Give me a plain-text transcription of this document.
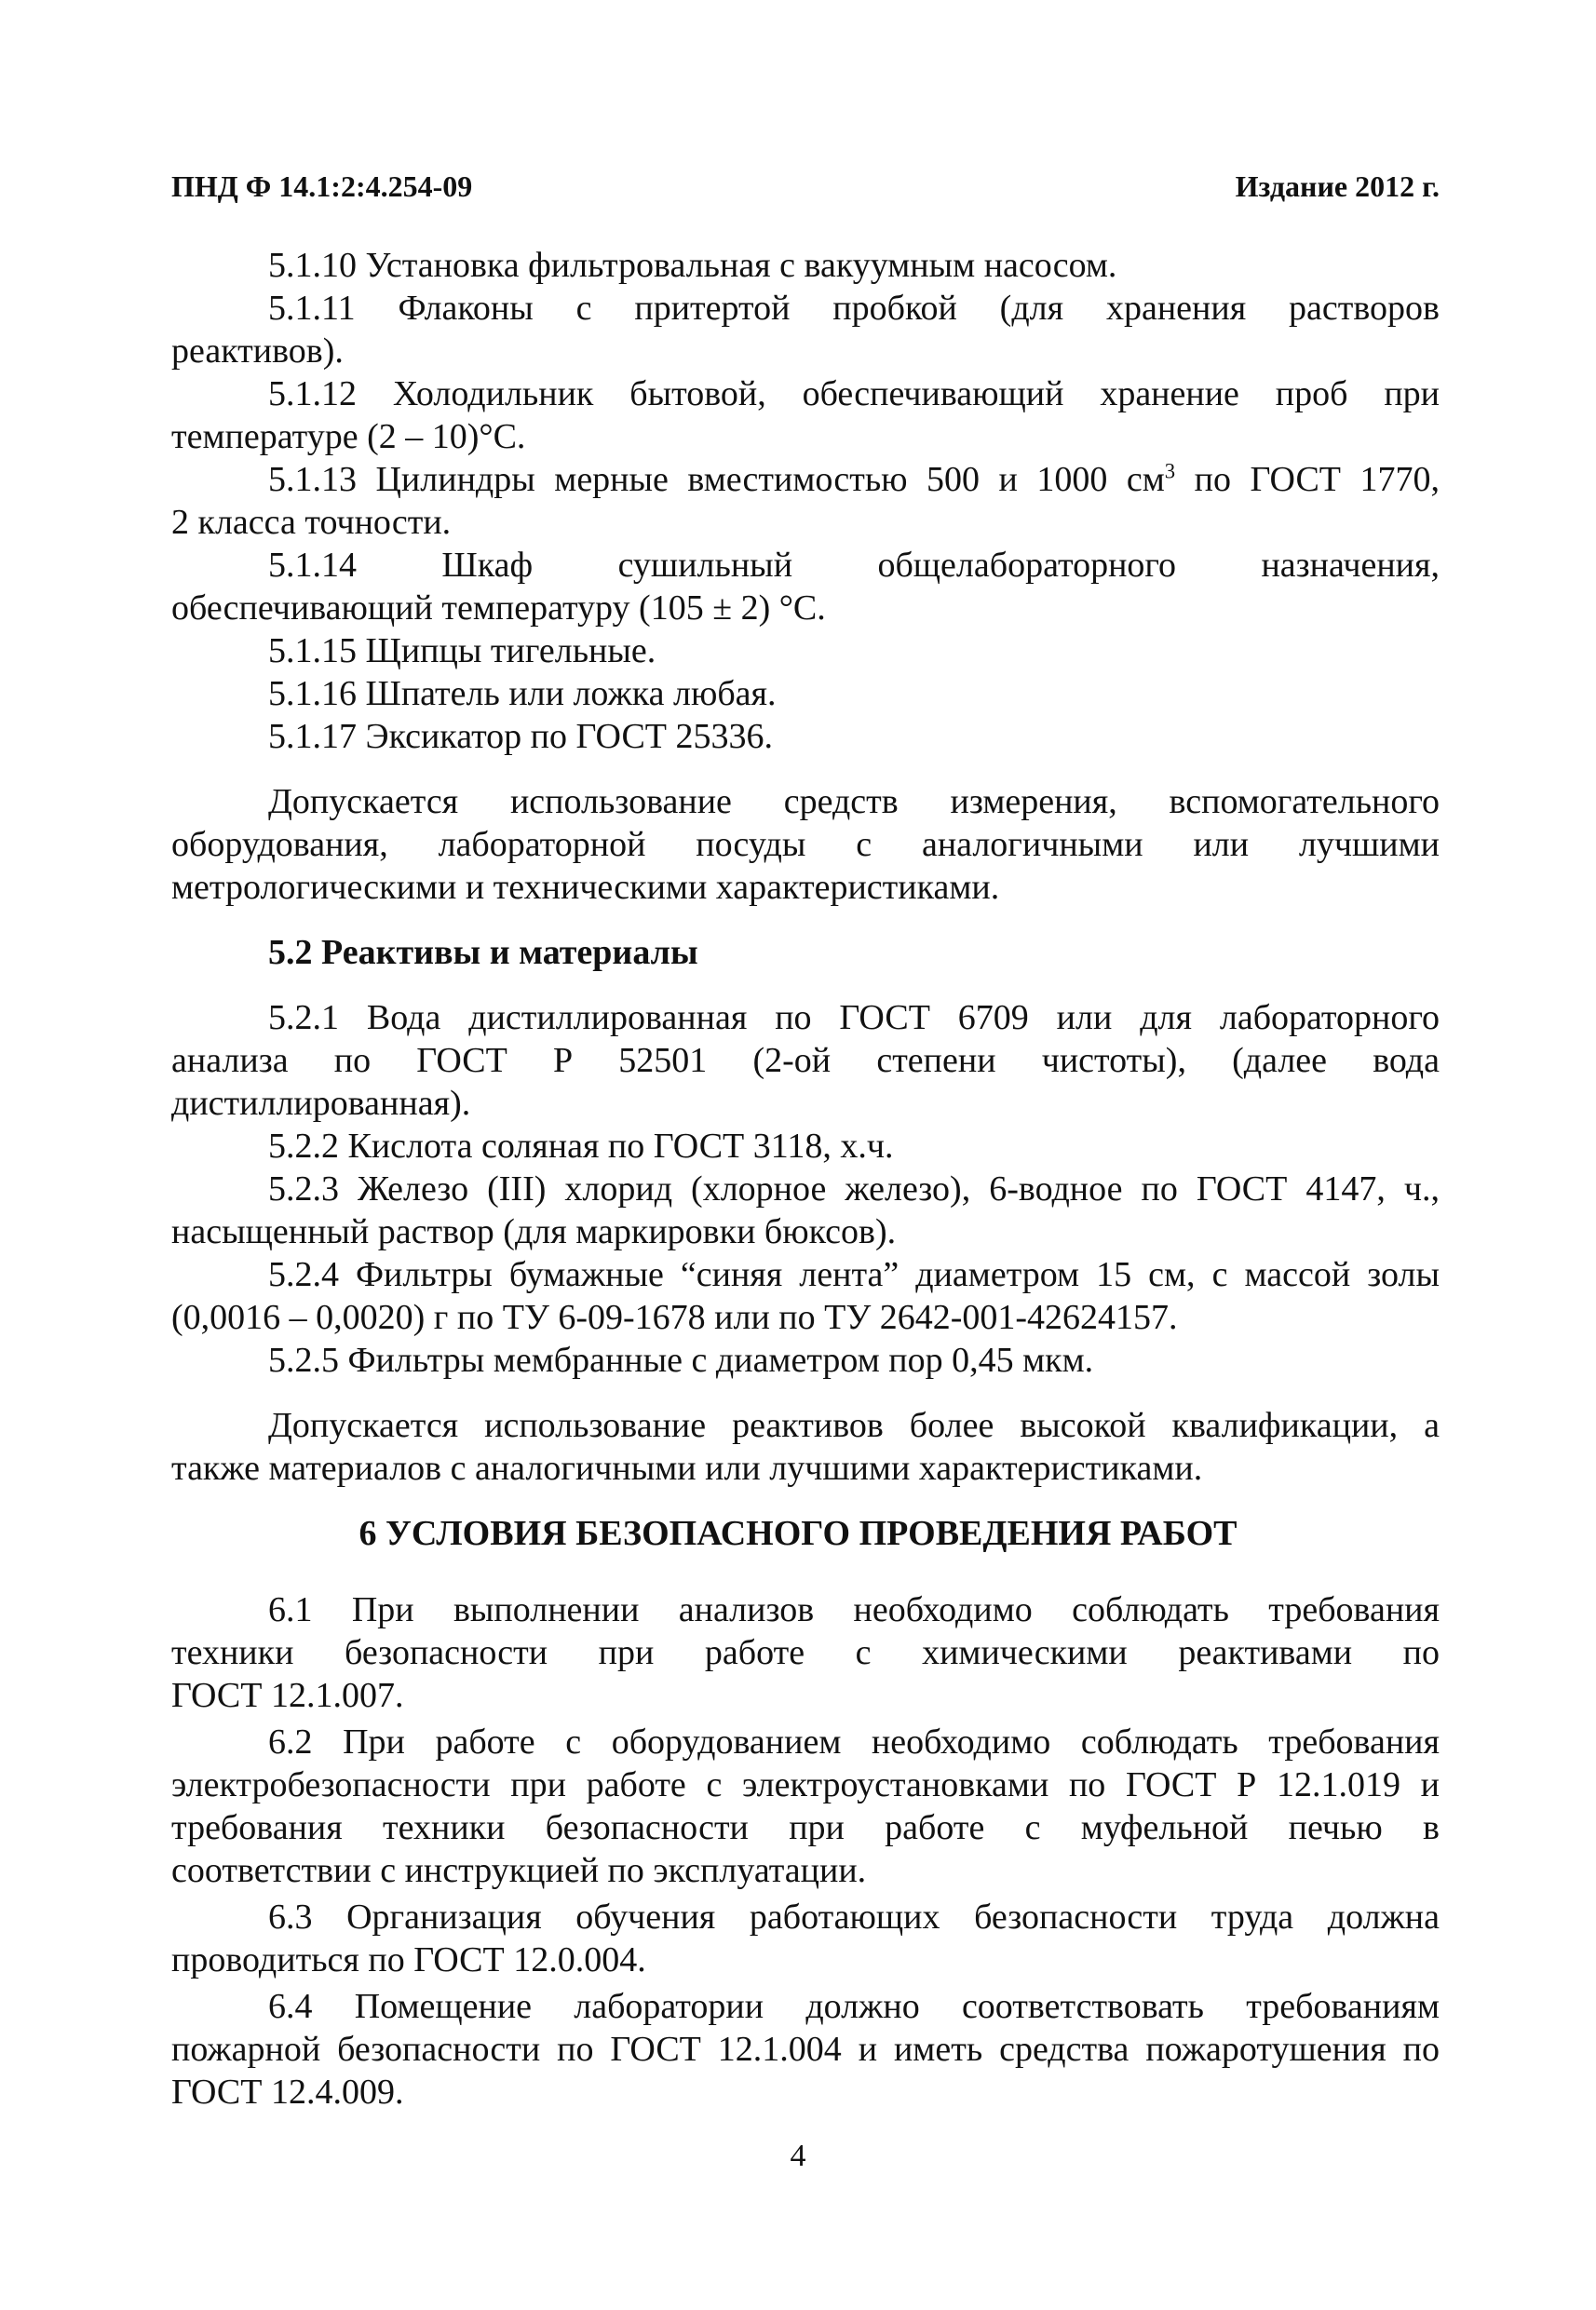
ПНД Ф 14.1:2:4.254-09	Издание 2012 г.
5.1.10 Установка фильтровальная с вакуумным насосом.
5.1.11 Флаконы с притертой пробкой (для хранения растворов
реактивов).
5.1.12 Холодильник бытовой, обеспечивающий хранение проб при
температуре (2 – 10)°С.
5.1.13 Цилиндры мерные вместимостью 500 и 1000 $см^3$ по ГОСТ 1770,
2 класса точности.
5.1.14 Шкаф сушильный общелабораторного назначения,
обеспечивающий температуру (105 ± 2) °С.
5.1.15 Щипцы тигельные.
5.1.16 Шпатель или ложка любая.
5.1.17 Эксикатор по ГОСТ 25336.
Допускается использование средств измерения, вспомогательного
оборудования, лабораторной посуды с аналогичными или лучшими
метрологическими и техническими характеристиками.
5.2 Реактивы и материалы
5.2.1 Вода дистиллированная по ГОСТ 6709 или для лабораторного
анализа по ГОСТ Р 52501 (2-ой степени чистоты), (далее вода
дистиллированная).
5.2.2 Кислота соляная по ГОСТ 3118, х.ч.
5.2.3 Железо (III) хлорид (хлорное железо), 6-водное по ГОСТ 4147, ч.,
насыщенный раствор (для маркировки бюксов).
5.2.4 Фильтры бумажные “синяя лента” диаметром 15 см, с массой золы
(0,0016 – 0,0020) г по ТУ 6-09-1678 или по ТУ 2642-001-42624157.
5.2.5 Фильтры мембранные с диаметром пор 0,45 мкм.
Допускается использование реактивов более высокой квалификации, а
также материалов с аналогичными или лучшими характеристиками.
6 УСЛОВИЯ БЕЗОПАСНОГО ПРОВЕДЕНИЯ РАБОТ
6.1 При выполнении анализов необходимо соблюдать требования
техники безопасности при работе с химическими реактивами по
ГОСТ 12.1.007.
6.2 При работе с оборудованием необходимо соблюдать требования
электробезопасности при работе с электроустановками по ГОСТ Р 12.1.019 и
требования техники безопасности при работе с муфельной печью в
соответствии с инструкцией по эксплуатации.
6.3 Организация обучения работающих безопасности труда должна
проводиться по ГОСТ 12.0.004.
6.4 Помещение лаборатории должно соответствовать требованиям
пожарной безопасности по ГОСТ 12.1.004 и иметь средства пожаротушения по
ГОСТ 12.4.009.
4
